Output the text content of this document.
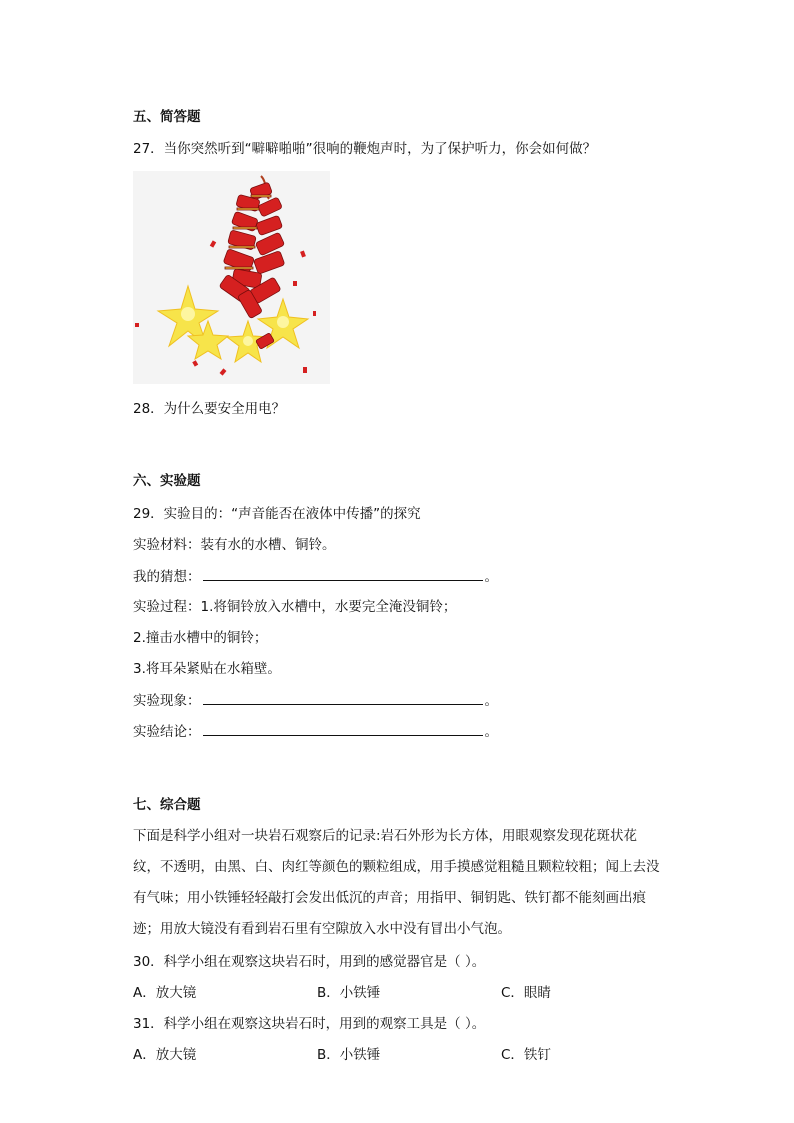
五、简答题
27．当你突然听到“噼噼啪啪”很响的鞭炮声时，为了保护听力，你会如何做？
28．为什么要安全用电？
六、实验题
29．实验目的：“声音能否在液体中传播”的探究
实验材料：装有水的水槽、铜铃。
我的猜想：	。
实验过程：1.将铜铃放入水槽中，水要完全淹没铜铃；
2.撞击水槽中的铜铃；
3.将耳朵紧贴在水箱壁。
实验现象：	。
实验结论：	。
七、综合题
下面是科学小组对一块岩石观察后的记录:岩石外形为长方体，用眼观察发现花斑状花纹，不透明，由黑、白、肉红等颜色的颗粒组成，用手摸感觉粗糙且颗粒较粗；闻上去没有气味；用小铁锤轻轻敲打会发出低沉的声音；用指甲、铜钥匙、铁钉都不能刻画出痕迹；用放大镜没有看到岩石里有空隙放入水中没有冒出小气泡。
30．科学小组在观察这块岩石时，用到的感觉器官是（ ）。
A．放大镜	B．小铁锤	C．眼睛
31．科学小组在观察这块岩石时，用到的观察工具是（ ）。
A．放大镜	B．小铁锤	C．铁钉
